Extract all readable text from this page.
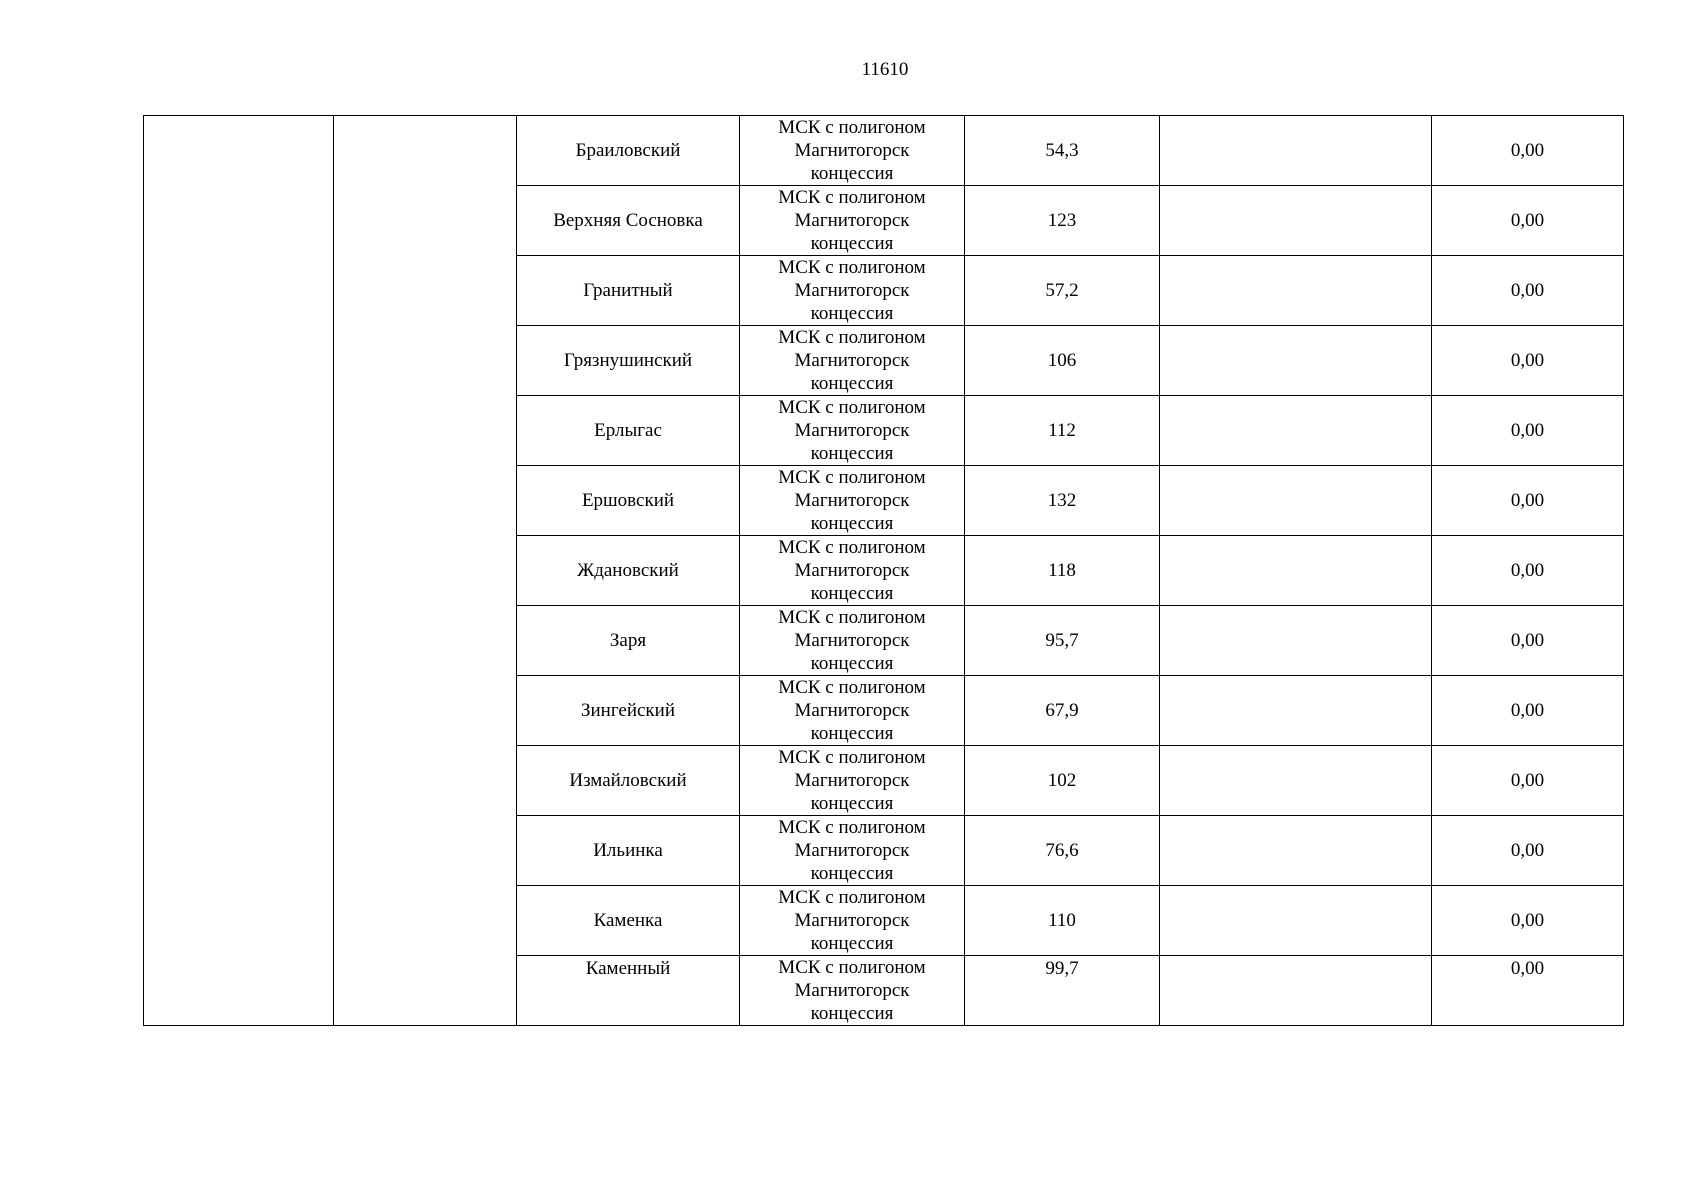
11610
		Браиловский	МСК с полигоном
Магнитогорск
концессия	54,3		0,00
		Верхняя Сосновка	МСК с полигоном
Магнитогорск
концессия	123		0,00
		Гранитный	МСК с полигоном
Магнитогорск
концессия	57,2		0,00
		Грязнушинский	МСК с полигоном
Магнитогорск
концессия	106		0,00
		Ерлыгас	МСК с полигоном
Магнитогорск
концессия	112		0,00
		Ершовский	МСК с полигоном
Магнитогорск
концессия	132		0,00
		Ждановский	МСК с полигоном
Магнитогорск
концессия	118		0,00
		Заря	МСК с полигоном
Магнитогорск
концессия	95,7		0,00
		Зингейский	МСК с полигоном
Магнитогорск
концессия	67,9		0,00
		Измайловский	МСК с полигоном
Магнитогорск
концессия	102		0,00
		Ильинка	МСК с полигоном
Магнитогорск
концессия	76,6		0,00
		Каменка	МСК с полигоном
Магнитогорск
концессия	110		0,00
		Каменный	МСК с полигоном
Магнитогорск
концессия	99,7		0,00
